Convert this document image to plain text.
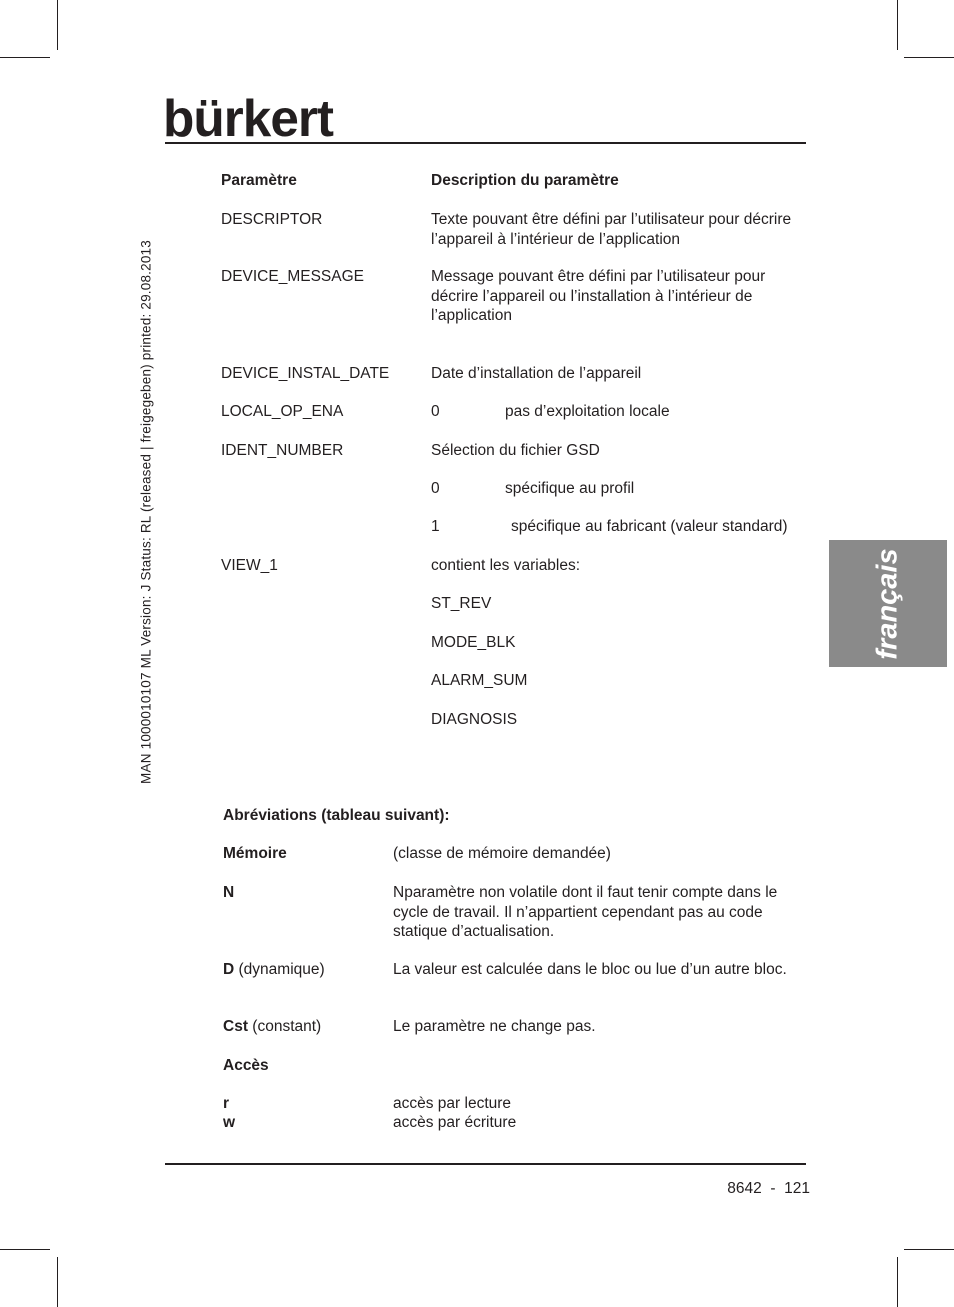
bürkert
MAN 1000010107 ML Version: J Status: RL (released | freigegeben) printed: 29.08.2013	français
Paramètre	Description du paramètre
DESCRIPTOR	Texte pouvant être défini par l’utilisateur pour décrire l’appareil à l’intérieur de l’application
DEVICE_MESSAGE	Message pouvant être défini par l’utilisateur pour décrire l’appareil ou l’installation à l’intérieur de l’application
DEVICE_INSTAL_DATE	Date d’installation de l’appareil
LOCAL_OP_ENA	0	pas d’exploitation locale
IDENT_NUMBER	Sélection du fichier GSD
0	spécifique au profil
1	spécifique au fabricant (valeur standard)
VIEW_1	contient les variables:
ST_REV
MODE_BLK
ALARM_SUM
DIAGNOSIS
Abréviations (tableau suivant):
Mémoire	(classe de mémoire demandée)
N	Nparamètre non volatile dont il faut tenir compte dans le cycle de travail. Il n’appartient cependant pas au code statique d’actualisation.
D (dynamique)	La valeur est calculée dans le bloc ou lue d’un autre bloc.
Cst (constant)	Le paramètre ne change pas.
Accès
r	accès par lecture
w	accès par écriture
8642  -  121
